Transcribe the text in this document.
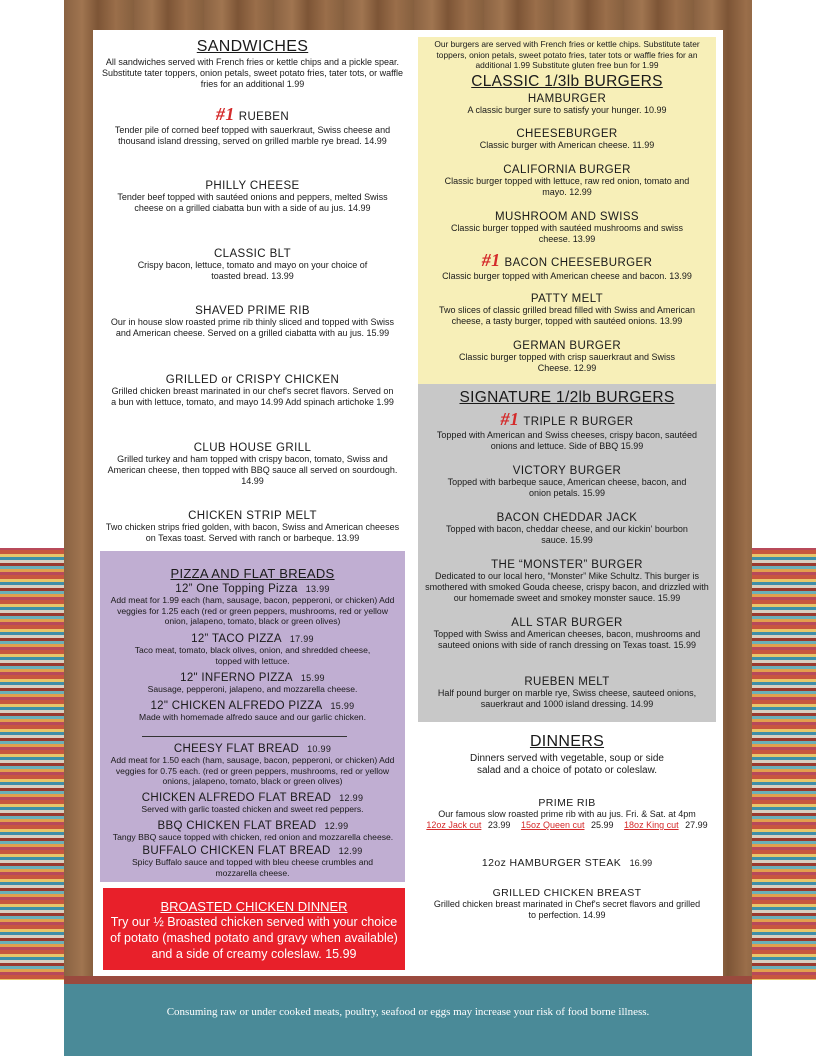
SANDWICHES
All sandwiches served with French fries or kettle chips and a pickle spear. Substitute tater toppers, onion petals, sweet potato fries, tater tots, or waffle fries for an additional 1.99
#1 RUEBEN
Tender pile of corned beef topped with sauerkraut, Swiss cheese and thousand island dressing, served on grilled marble rye bread. 14.99
PHILLY CHEESE
Tender beef topped with sautéed onions and peppers, melted Swiss cheese on a grilled ciabatta bun with a side of au jus. 14.99
CLASSIC BLT
Crispy bacon, lettuce, tomato and mayo on your choice of toasted bread. 13.99
SHAVED PRIME RIB
Our in house slow roasted prime rib thinly sliced and topped with Swiss and American cheese. Served on a grilled ciabatta with au jus. 15.99
GRILLED or CRISPY CHICKEN
Grilled chicken breast marinated in our chef's secret flavors. Served on a bun with lettuce, tomato, and mayo 14.99 Add spinach artichoke 1.99
CLUB HOUSE GRILL
Grilled turkey and ham topped with crispy bacon, tomato, Swiss and American cheese, then topped with BBQ sauce all served on sourdough. 14.99
CHICKEN STRIP MELT
Two chicken strips fried golden, with bacon, Swiss and American cheeses on Texas toast. Served with ranch or barbeque. 13.99
PIZZA AND FLAT BREADS
12” One Topping Pizza 13.99
Add meat for 1.99 each (ham, sausage, bacon, pepperoni, or chicken) Add veggies for 1.25 each (red or green peppers, mushrooms, red or yellow onion, jalapeno, tomato, black or green olives)
12” TACO PIZZA 17.99
Taco meat, tomato, black olives, onion, and shredded cheese, topped with lettuce.
12" INFERNO PIZZA 15.99
Sausage, pepperoni, jalapeno, and mozzarella cheese.
12" CHICKEN ALFREDO PIZZA 15.99
Made with homemade alfredo sauce and our garlic chicken.
CHEESY FLAT BREAD 10.99
Add meat for 1.50 each (ham, sausage, bacon, pepperoni, or chicken) Add veggies for 0.75 each. (red or green peppers, mushrooms, red or yellow onions, jalapeno, tomato, black or green olives)
CHICKEN ALFREDO FLAT BREAD 12.99
Served with garlic toasted chicken and sweet red peppers.
BBQ CHICKEN FLAT BREAD 12.99
Tangy BBQ sauce topped with chicken, red onion and mozzarella cheese.
BUFFALO CHICKEN FLAT BREAD 12.99
Spicy Buffalo sauce and topped with bleu cheese crumbles and mozzarella cheese.
BROASTED CHICKEN DINNER
Try our ½ Broasted chicken served with your choice of potato (mashed potato and gravy when available) and a side of creamy coleslaw. 15.99
Our burgers are served with French fries or kettle chips. Substitute tater toppers, onion petals, sweet potato fries, tater tots or waffle fries for an additional 1.99 Substitute gluten free bun for 1.99
CLASSIC 1/3lb BURGERS
HAMBURGER
A classic burger sure to satisfy your hunger. 10.99
CHEESEBURGER
Classic burger with American cheese. 11.99
CALIFORNIA BURGER
Classic burger topped with lettuce, raw red onion, tomato and mayo. 12.99
MUSHROOM AND SWISS
Classic burger topped with sautéed mushrooms and swiss cheese. 13.99
#1 BACON CHEESEBURGER
Classic burger topped with American cheese and bacon. 13.99
PATTY MELT
Two slices of classic grilled bread filled with Swiss and American cheese, a tasty burger, topped with sautéed onions. 13.99
GERMAN BURGER
Classic burger topped with crisp sauerkraut and Swiss Cheese. 12.99
SIGNATURE 1/2lb BURGERS
#1 TRIPLE R BURGER
Topped with American and Swiss cheeses, crispy bacon, sautéed onions and lettuce. Side of BBQ 15.99
VICTORY BURGER
Topped with barbeque sauce, American cheese, bacon, and onion petals. 15.99
BACON CHEDDAR JACK
Topped with bacon, cheddar cheese, and our kickin' bourbon sauce. 15.99
THE “MONSTER” BURGER
Dedicated to our local hero, “Monster” Mike Schultz. This burger is smothered with smoked Gouda cheese, crispy bacon, and drizzled with our homemade sweet and smokey monster sauce. 15.99
ALL STAR BURGER
Topped with Swiss and American cheeses, bacon, mushrooms and sauteed onions with side of ranch dressing on Texas toast. 15.99
RUEBEN MELT
Half pound burger on marble rye, Swiss cheese, sauteed onions, sauerkraut and 1000 island dressing. 14.99
DINNERS
Dinners served with vegetable, soup or side salad and a choice of potato or coleslaw.
PRIME RIB
Our famous slow roasted prime rib with au jus. Fri. & Sat. at 4pm
12oz Jack cut 23.99 15oz Queen cut 25.99 18oz King cut 27.99
12oz HAMBURGER STEAK 16.99
GRILLED CHICKEN BREAST
Grilled chicken breast marinated in Chef's secret flavors and grilled to perfection. 14.99
Consuming raw or under cooked meats, poultry, seafood or eggs may increase your risk of food borne illness.
